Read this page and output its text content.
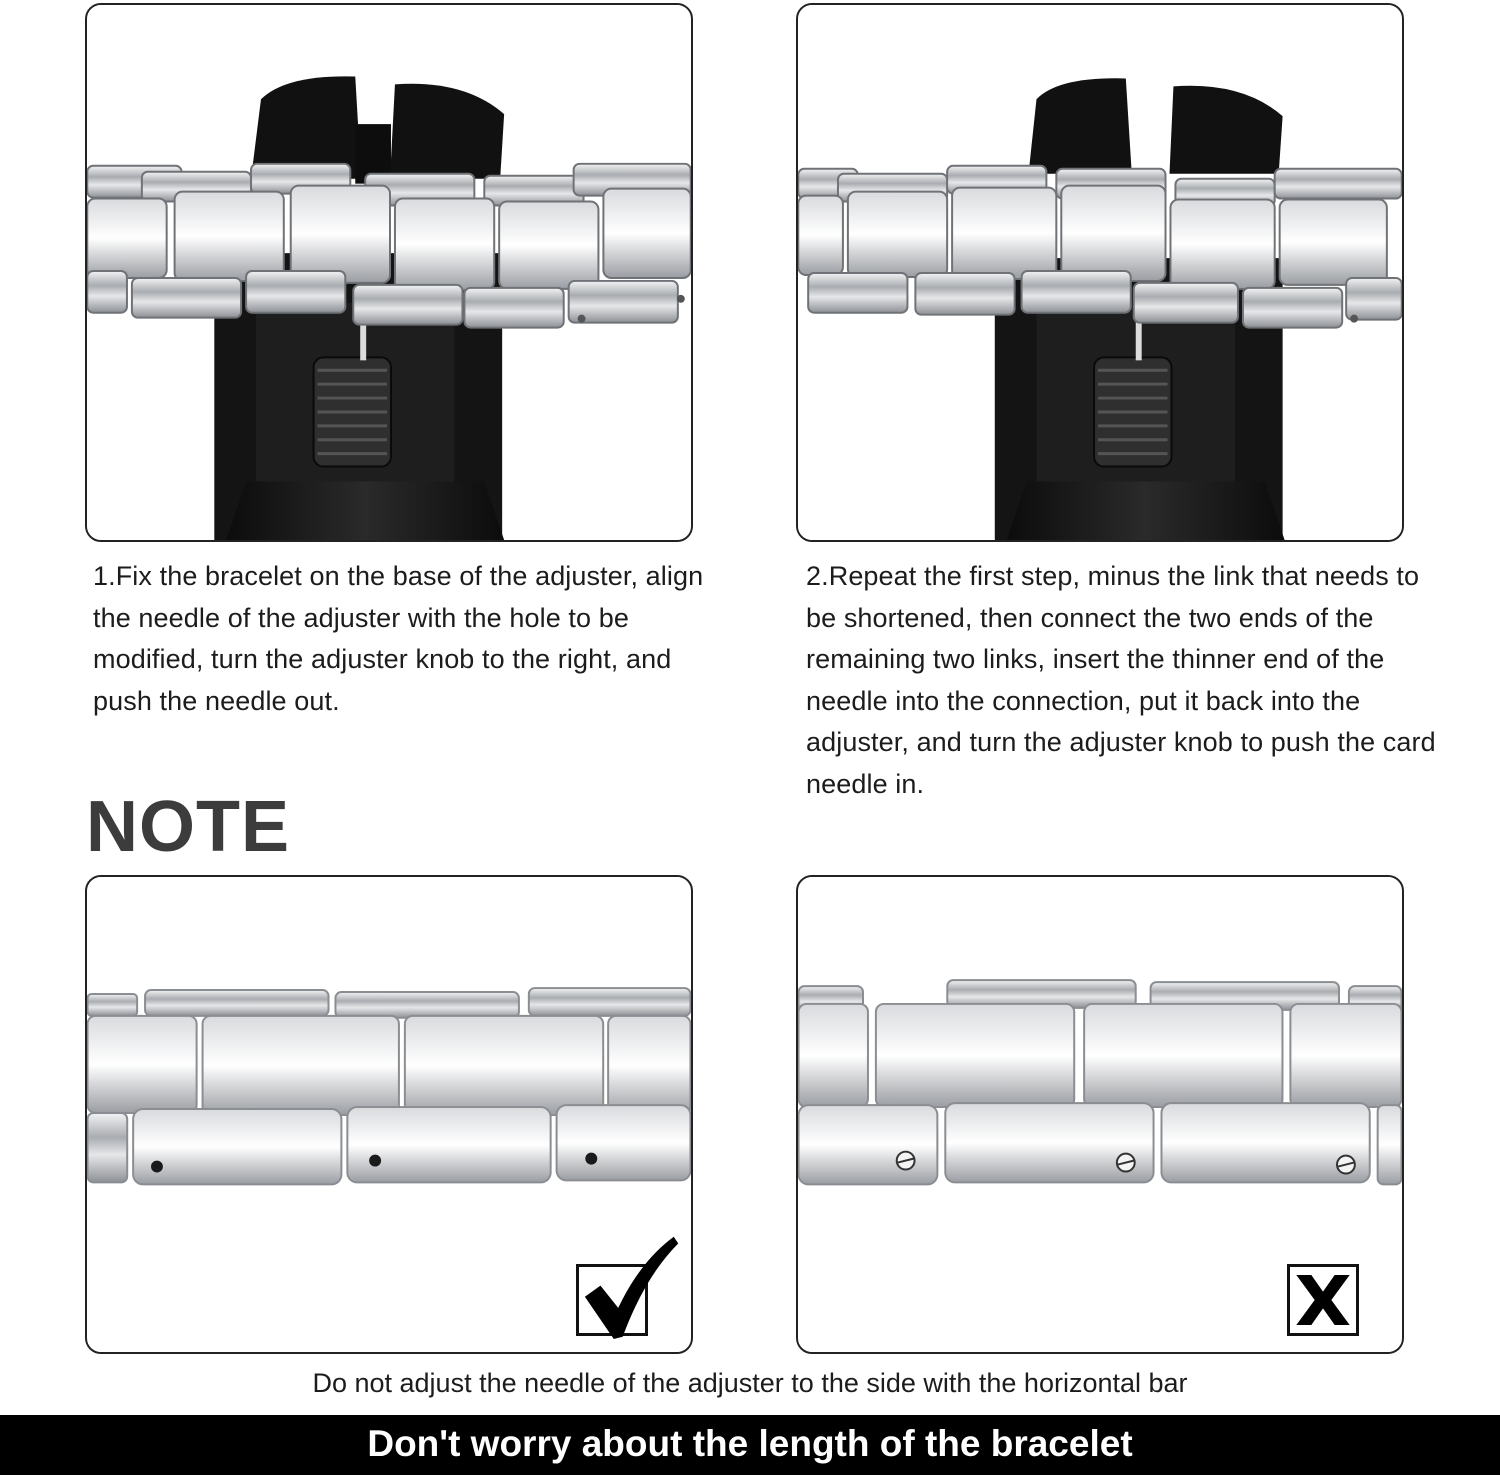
1.Fix the bracelet on the base of the adjuster, align the needle of the adjuster with the hole to be modified, turn the adjuster knob to the right, and push the needle out.
2.Repeat the first step, minus the link that needs to be shortened, then connect the two ends of the remaining two links, insert the thinner end of the needle into the connection, put it back into the adjuster, and turn the adjuster knob to push the card needle in.
NOTE
Do not adjust the needle of the adjuster to the side with the horizontal bar
Don't worry about the length of the bracelet
